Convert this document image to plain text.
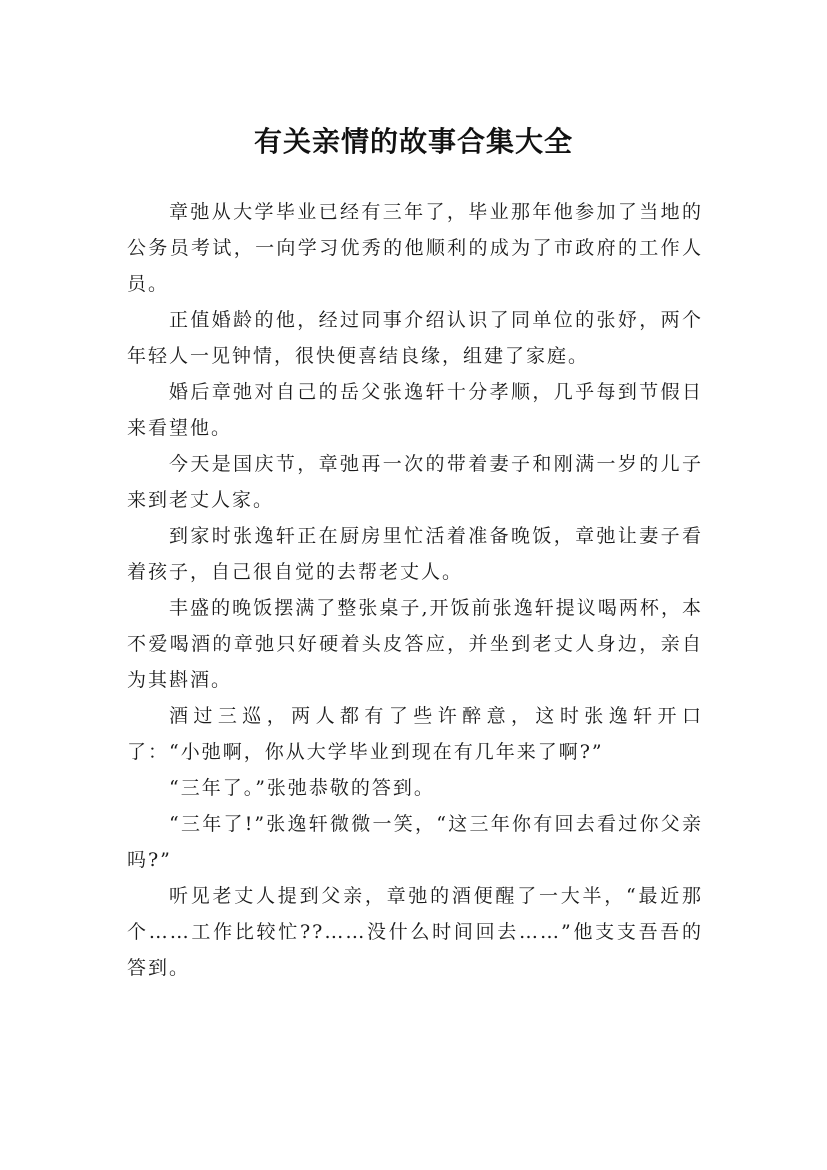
有关亲情的故事合集大全

章弛从大学毕业已经有三年了，毕业那年他参加了当地的公务员考试，一向学习优秀的他顺利的成为了市政府的工作人员。

正值婚龄的他，经过同事介绍认识了同单位的张妤，两个年轻人一见钟情，很快便喜结良缘，组建了家庭。

婚后章弛对自己的岳父张逸轩十分孝顺，几乎每到节假日来看望他。

今天是国庆节，章弛再一次的带着妻子和刚满一岁的儿子来到老丈人家。

到家时张逸轩正在厨房里忙活着准备晚饭，章弛让妻子看着孩子，自己很自觉的去帮老丈人。

丰盛的晚饭摆满了整张桌子,开饭前张逸轩提议喝两杯，本不爱喝酒的章弛只好硬着头皮答应，并坐到老丈人身边，亲自为其斟酒。

酒过三巡，两人都有了些许醉意，这时张逸轩开口了：“小弛啊，你从大学毕业到现在有几年来了啊?”

“三年了。”张弛恭敬的答到。

“三年了!”张逸轩微微一笑，“这三年你有回去看过你父亲吗?”

听见老丈人提到父亲，章弛的酒便醒了一大半，“最近那个……工作比较忙??……没什么时间回去……”他支支吾吾的答到。
